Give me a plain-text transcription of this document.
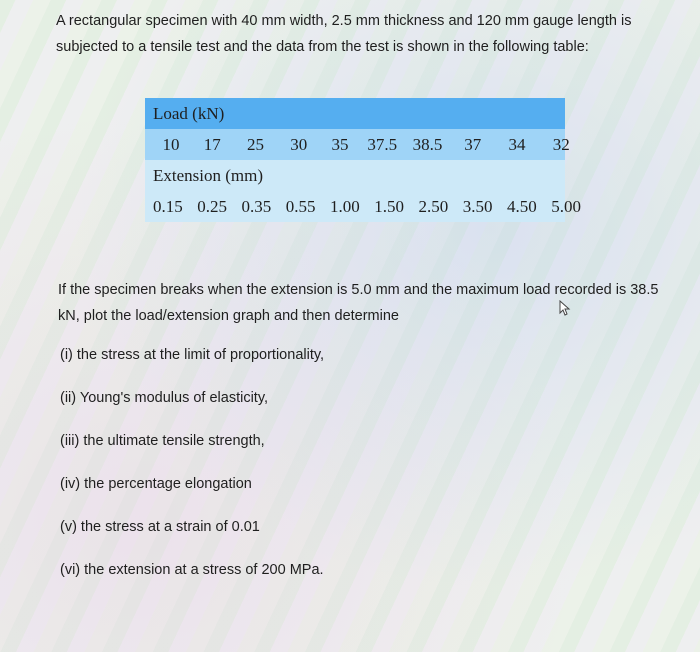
A rectangular specimen with 40 mm width, 2.5 mm thickness and 120 mm gauge length is subjected to a tensile test and the data from the test is shown in the following table:

Load (kN)
10 17 25 30 35 37.5 38.5 37 34 32
Extension (mm)
0.15 0.25 0.35 0.55 1.00 1.50 2.50 3.50 4.50 5.00

If the specimen breaks when the extension is 5.0 mm and the maximum load recorded is 38.5 kN, plot the load/extension graph and then determine

(i) the stress at the limit of proportionality,
(ii) Young's modulus of elasticity,
(iii) the ultimate tensile strength,
(iv) the percentage elongation
(v) the stress at a strain of 0.01
(vi) the extension at a stress of 200 MPa.
